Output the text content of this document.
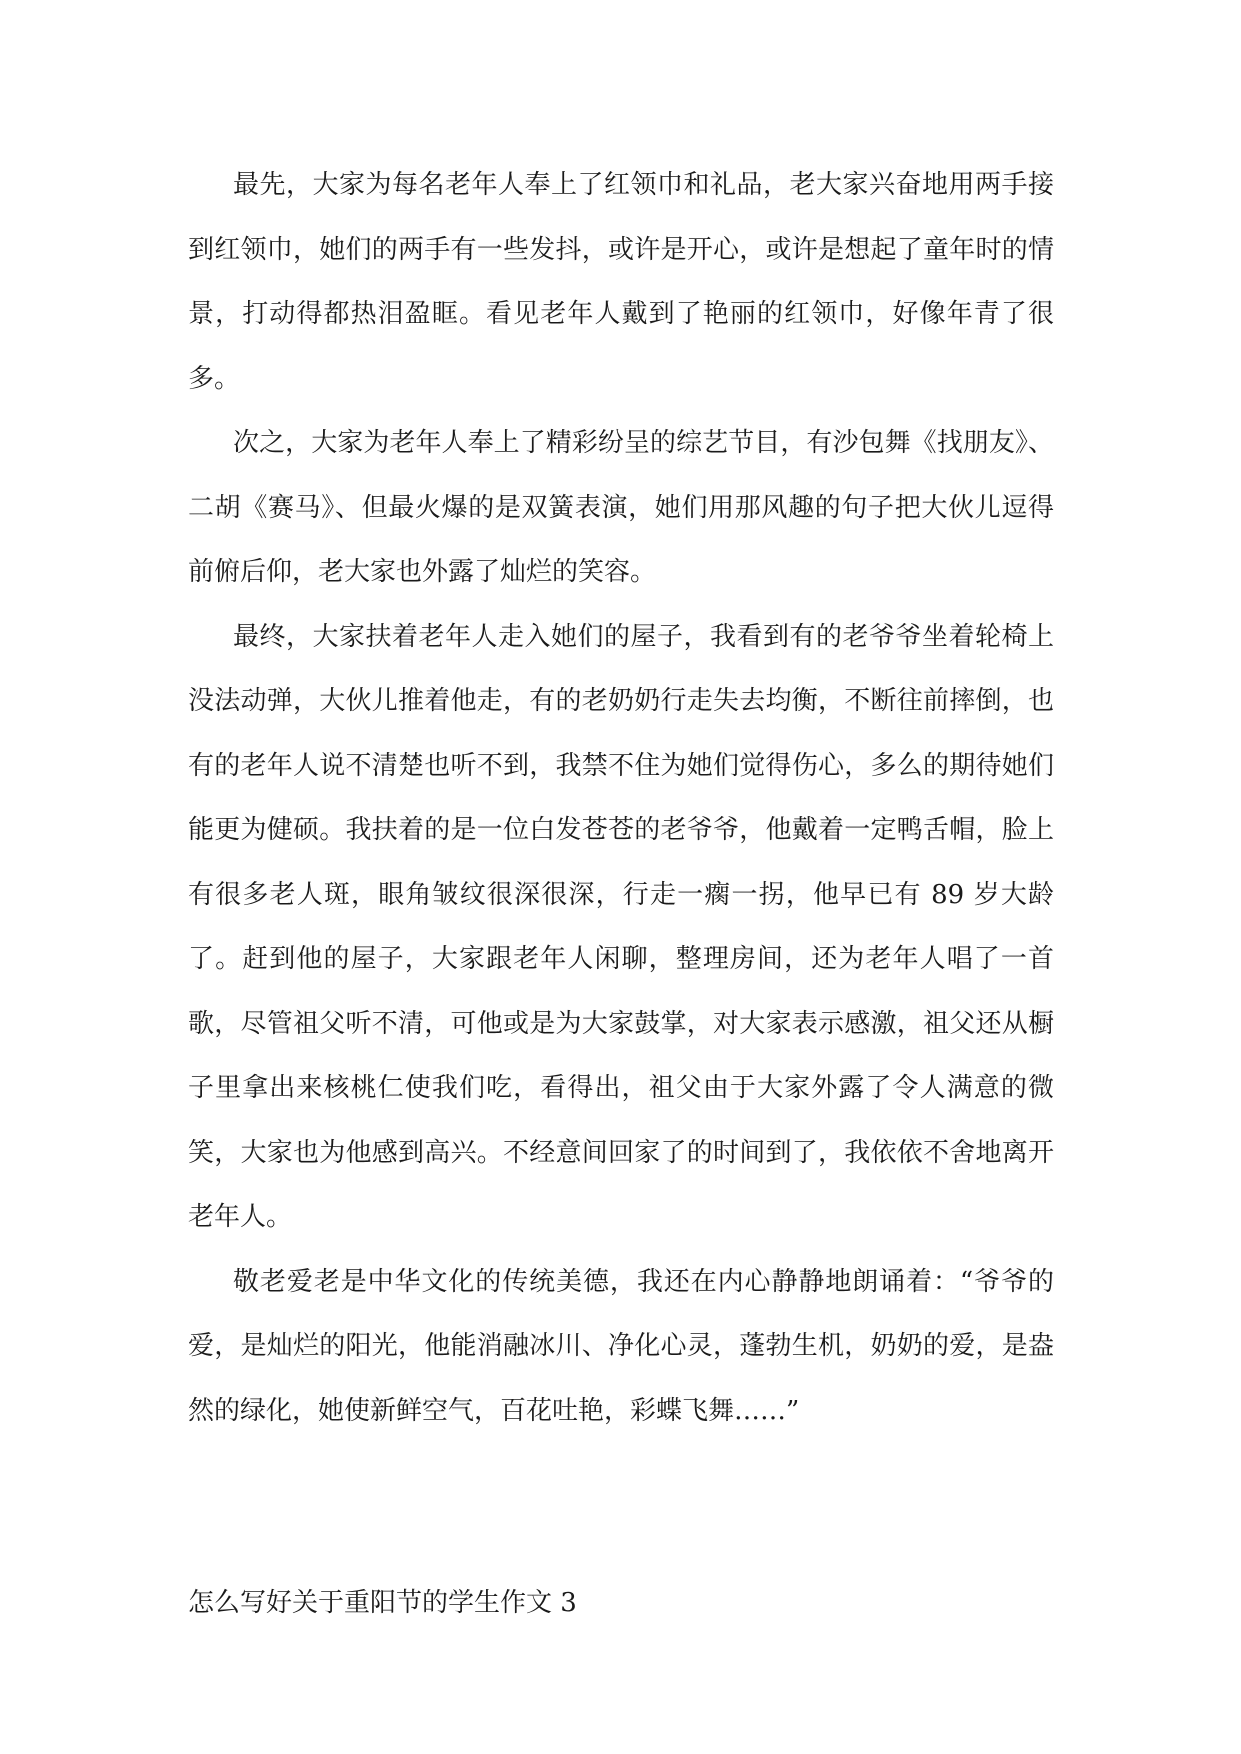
最先，大家为每名老年人奉上了红领巾和礼品，老大家兴奋地用两手接到红领巾，她们的两手有一些发抖，或许是开心，或许是想起了童年时的情景，打动得都热泪盈眶。看见老年人戴到了艳丽的红领巾，好像年青了很多。

次之，大家为老年人奉上了精彩纷呈的综艺节目，有沙包舞《找朋友》、二胡《赛马》、但最火爆的是双簧表演，她们用那风趣的句子把大伙儿逗得前俯后仰，老大家也外露了灿烂的笑容。

最终，大家扶着老年人走入她们的屋子，我看到有的老爷爷坐着轮椅上没法动弹，大伙儿推着他走，有的老奶奶行走失去均衡，不断往前摔倒，也有的老年人说不清楚也听不到，我禁不住为她们觉得伤心，多么的期待她们能更为健硕。我扶着的是一位白发苍苍的老爷爷，他戴着一定鸭舌帽，脸上有很多老人斑，眼角皱纹很深很深，行走一瘸一拐，他早已有 89 岁大龄了。赶到他的屋子，大家跟老年人闲聊，整理房间，还为老年人唱了一首歌，尽管祖父听不清，可他或是为大家鼓掌，对大家表示感激，祖父还从橱子里拿出来核桃仁使我们吃，看得出，祖父由于大家外露了令人满意的微笑，大家也为他感到高兴。不经意间回家了的时间到了，我依依不舍地离开老年人。

敬老爱老是中华文化的传统美德，我还在内心静静地朗诵着：“爷爷的爱，是灿烂的阳光，他能消融冰川、净化心灵，蓬勃生机，奶奶的爱，是盎然的绿化，她使新鲜空气，百花吐艳，彩蝶飞舞……”

怎么写好关于重阳节的学生作文 3
